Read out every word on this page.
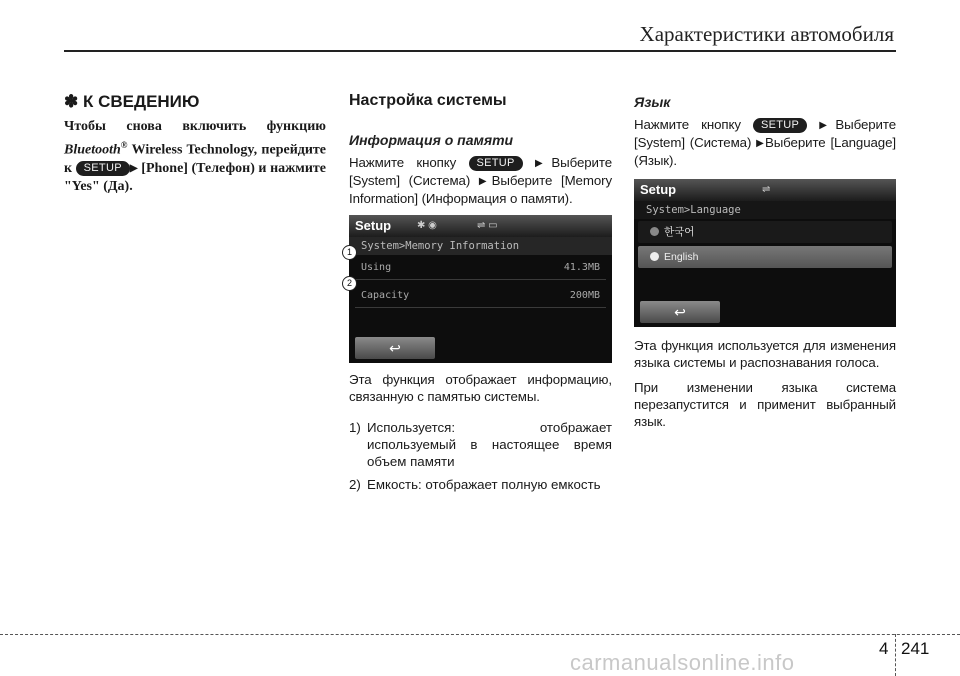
Характеристики автомобиля
✽ К СВЕДЕНИЮ

Чтобы снова включить функцию Bluetooth® Wireless Technology, перейдите к SETUP ▶ [Phone] (Телефон) и нажмите "Yes" (Да).

Настройка системы
Информация о памяти

Нажмите кнопку SETUP ▶Выберите [System] (Система) ▶Выберите [Memory Information] (Информация о памяти).

Setup	✱ ◉	⇌ ▭
System>Memory Information
Using	41.3MB
Capacity	200MB
↩

Эта функция отображает информацию, связанную с памятью системы.

1) Используется: отображает используемый в настоящее время объем памяти
2) Емкость: отображает полную емкость
1
2
Язык

Нажмите кнопку SETUP ▶Выберите [System] (Система) ▶Выберите [Language] (Язык).

Setup	⇌
System>Language
한국어
English
↩

Эта функция используется для изменения языка системы и распознавания голоса.

При изменении языка система перезапустится и применит выбранный язык.

4 241
carmanualsonline.info
